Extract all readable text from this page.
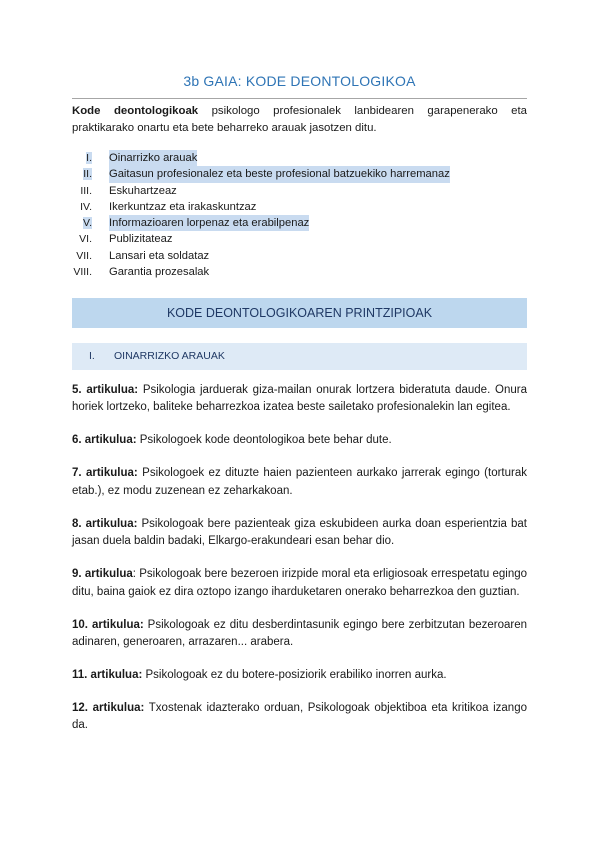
3b GAIA: KODE DEONTOLOGIKOA

Kode deontologikoak psikologo profesionalek lanbidearen garapenerako eta praktikarako onartu eta bete beharreko arauak jasotzen ditu.

I. Oinarrizko arauak
II. Gaitasun profesionalez eta beste profesional batzuekiko harremanaz
III. Eskuhartzeaz
IV. Ikerkuntzaz eta irakaskuntzaz
V. Informazioaren lorpenaz eta erabilpenaz
VI. Publizitateaz
VII. Lansari eta soldataz
VIII. Garantia prozesalak
KODE DEONTOLOGIKOAREN PRINTZIPIOAK
I. OINARRIZKO ARAUAK

5. artikulua: Psikologia jarduerak giza-mailan onurak lortzera bideratuta daude. Onura horiek lortzeko, baliteke beharrezkoa izatea beste sailetako profesionalekin lan egitea.

6. artikulua: Psikologoek kode deontologikoa bete behar dute.

7. artikulua: Psikologoek ez dituzte haien pazienteen aurkako jarrerak egingo (torturak etab.), ez modu zuzenean ez zeharkakoan.

8. artikulua: Psikologoak bere pazienteak giza eskubideen aurka doan esperientzia bat jasan duela baldin badaki, Elkargo-erakundeari esan behar dio.

9. artikulua: Psikologoak bere bezeroen irizpide moral eta erligiosoak errespetatu egingo ditu, baina gaiok ez dira oztopo izango iharduketaren onerako beharrezkoa den guztian.

10. artikulua: Psikologoak ez ditu desberdintasunik egingo bere zerbitzutan bezeroaren adinaren, generoaren, arrazaren... arabera.

11. artikulua: Psikologoak ez du botere-posiziorik erabiliko inorren aurka.

12. artikulua: Txostenak idazterako orduan, Psikologoak objektiboa eta kritikoa izango da.
